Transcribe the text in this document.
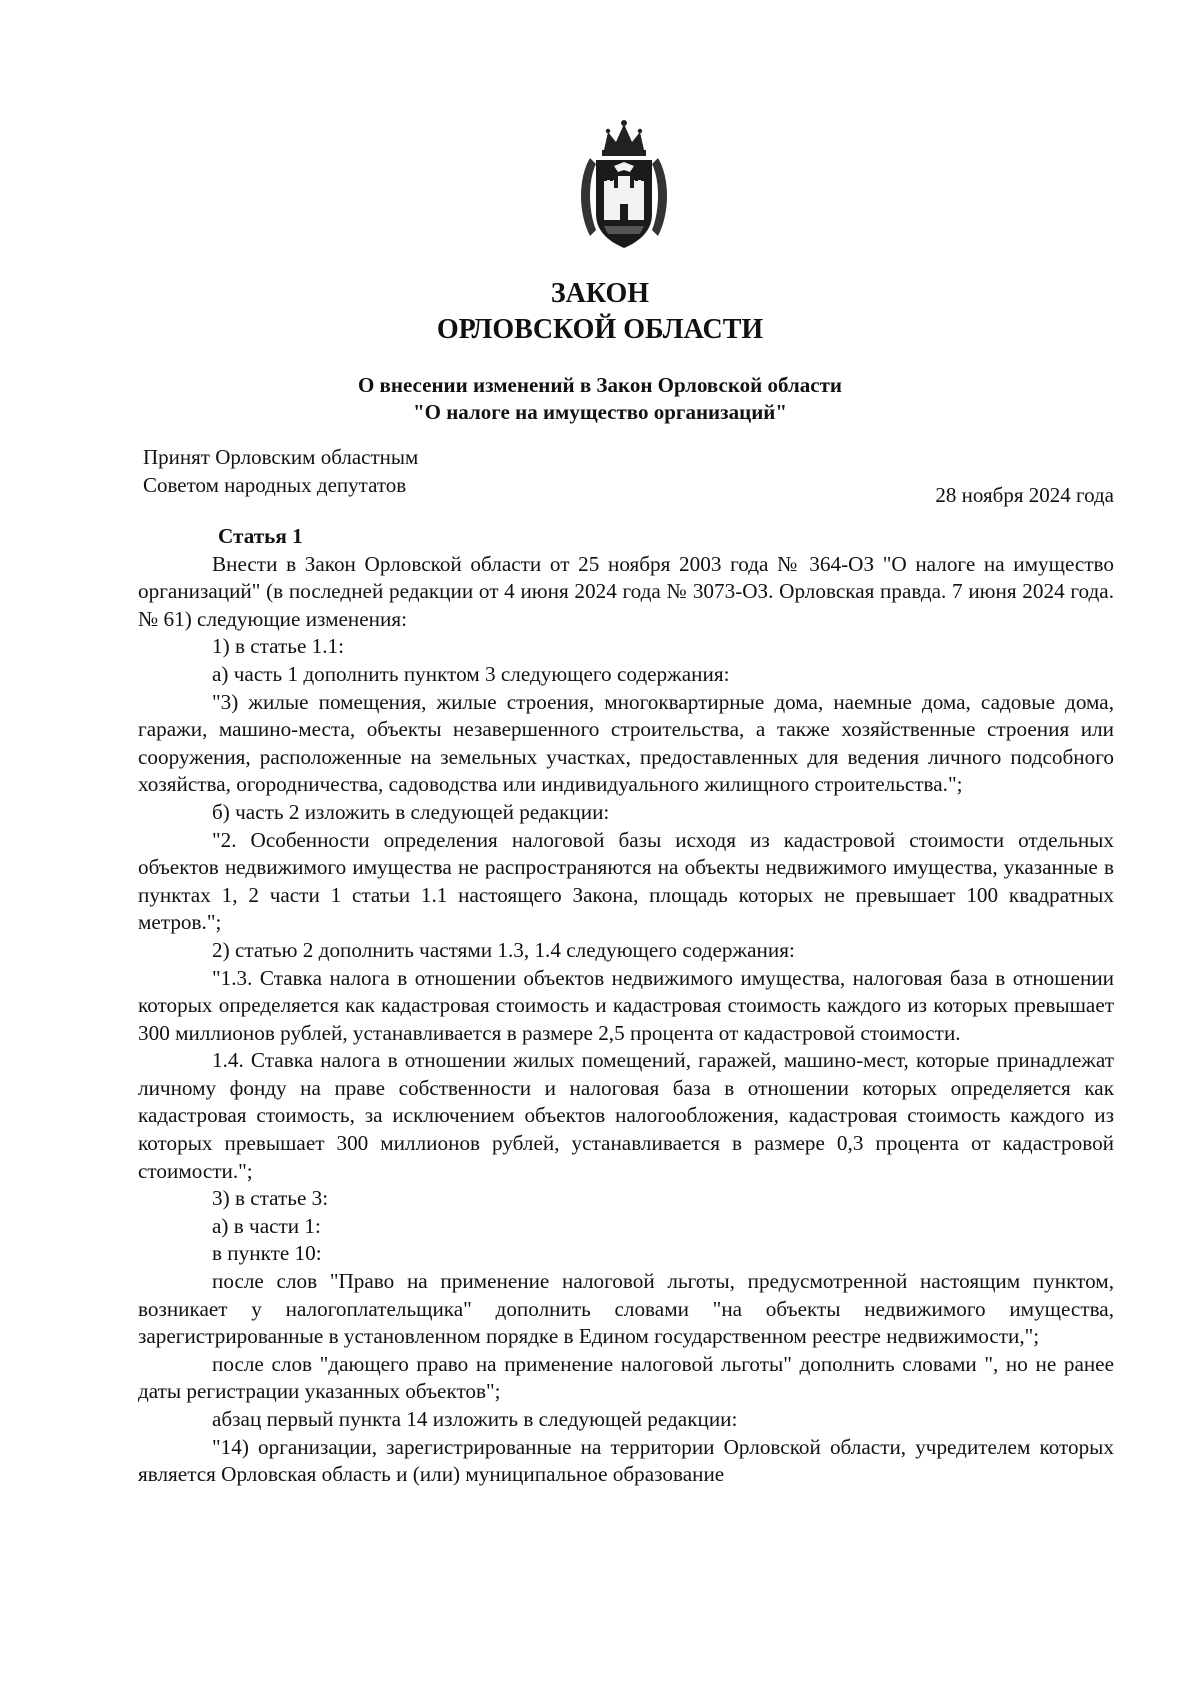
ЗАКОН
ОРЛОВСКОЙ ОБЛАСТИ
О внесении изменений в Закон Орловской области
"О налоге на имущество организаций"
Принят Орловским областным
Советом народных депутатов	28 ноября 2024 года

Статья 1

Внести в Закон Орловской области от 25 ноября 2003 года № 364-ОЗ "О налоге на имущество организаций" (в последней редакции от 4 июня 2024 года № 3073-ОЗ. Орловская правда. 7 июня 2024 года. № 61) следующие изменения:

1) в статье 1.1:

а) часть 1 дополнить пунктом 3 следующего содержания:

"3) жилые помещения, жилые строения, многоквартирные дома, наемные дома, садовые дома, гаражи, машино-места, объекты незавершенного строительства, а также хозяйственные строения или сооружения, расположенные на земельных участках, предоставленных для ведения личного подсобного хозяйства, огородничества, садоводства или индивидуального жилищного строительства.";

б) часть 2 изложить в следующей редакции:

"2. Особенности определения налоговой базы исходя из кадастровой стоимости отдельных объектов недвижимого имущества не распространяются на объекты недвижимого имущества, указанные в пунктах 1, 2 части 1 статьи 1.1 настоящего Закона, площадь которых не превышает 100 квадратных метров.";

2) статью 2 дополнить частями 1.3, 1.4 следующего содержания:

"1.3. Ставка налога в отношении объектов недвижимого имущества, налоговая база в отношении которых определяется как кадастровая стоимость и кадастровая стоимость каждого из которых превышает 300 миллионов рублей, устанавливается в размере 2,5 процента от кадастровой стоимости.

1.4. Ставка налога в отношении жилых помещений, гаражей, машино-мест, которые принадлежат личному фонду на праве собственности и налоговая база в отношении которых определяется как кадастровая стоимость, за исключением объектов налогообложения, кадастровая стоимость каждого из которых превышает 300 миллионов рублей, устанавливается в размере 0,3 процента от кадастровой стоимости.";

3) в статье 3:

а) в части 1:

в пункте 10:

после слов "Право на применение налоговой льготы, предусмотренной настоящим пунктом, возникает у налогоплательщика" дополнить словами "на объекты недвижимого имущества, зарегистрированные в установленном порядке в Едином государственном реестре недвижимости,";

после слов "дающего право на применение налоговой льготы" дополнить словами ", но не ранее даты регистрации указанных объектов";

абзац первый пункта 14 изложить в следующей редакции:

"14) организации, зарегистрированные на территории Орловской области, учредителем которых является Орловская область и (или) муниципальное образование
